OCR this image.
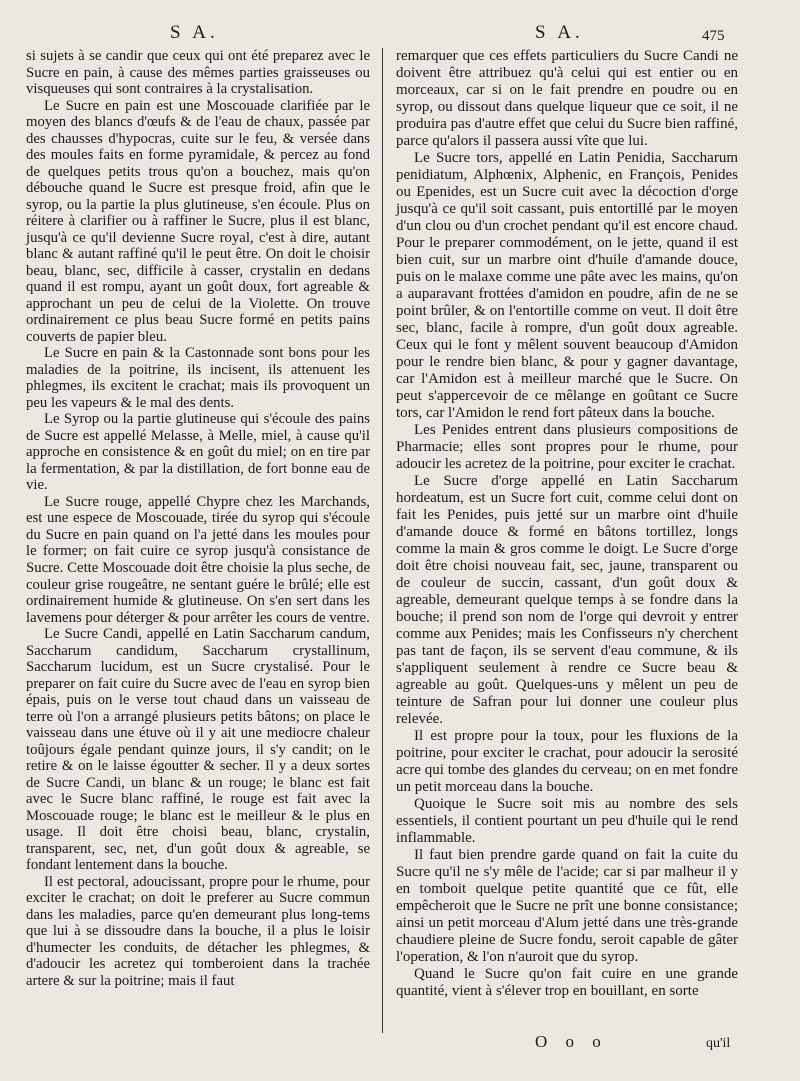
S A.	S A.	475

si sujets à se candir que ceux qui ont été preparez avec le Sucre en pain, à cause des mêmes parties graisseuses ou visqueuses qui sont contraires à la crystalisation.

Le Sucre en pain est une Moscouade clarifiée par le moyen des blancs d'œufs & de l'eau de chaux, passée par des chausses d'hypocras, cuite sur le feu, & versée dans des moules faits en forme pyramidale, & percez au fond de quelques petits trous qu'on a bouchez, mais qu'on débouche quand le Sucre est presque froid, afin que le syrop, ou la partie la plus glutineuse, s'en écoule. Plus on réitere à clarifier ou à raffiner le Sucre, plus il est blanc, jusqu'à ce qu'il devienne Sucre royal, c'est à dire, autant blanc & autant raffiné qu'il le peut être. On doit le choisir beau, blanc, sec, difficile à casser, crystalin en dedans quand il est rompu, ayant un goût doux, fort agreable & approchant un peu de celui de la Violette. On trouve ordinairement ce plus beau Sucre formé en petits pains couverts de papier bleu.

Le Sucre en pain & la Castonnade sont bons pour les maladies de la poitrine, ils incisent, ils attenuent les phlegmes, ils excitent le crachat; mais ils provoquent un peu les vapeurs & le mal des dents.

Le Syrop ou la partie glutineuse qui s'écoule des pains de Sucre est appellé Melasse, à Melle, miel, à cause qu'il approche en consistence & en goût du miel; on en tire par la fermentation, & par la distillation, de fort bonne eau de vie.

Le Sucre rouge, appellé Chypre chez les Marchands, est une espece de Moscouade, tirée du syrop qui s'écoule du Sucre en pain quand on l'a jetté dans les moules pour le former; on fait cuire ce syrop jusqu'à consistance de Sucre. Cette Moscouade doit être choisie la plus seche, de couleur grise rougeâtre, ne sentant guére le brûlé; elle est ordinairement humide & glutineuse. On s'en sert dans les lavemens pour déterger & pour arrêter les cours de ventre.

Le Sucre Candi, appellé en Latin Saccharum candum, Saccharum candidum, Saccharum crystallinum, Saccharum lucidum, est un Sucre crystalisé. Pour le preparer on fait cuire du Sucre avec de l'eau en syrop bien épais, puis on le verse tout chaud dans un vaisseau de terre où l'on a arrangé plusieurs petits bâtons; on place le vaisseau dans une étuve où il y ait une mediocre chaleur toûjours égale pendant quinze jours, il s'y candit; on le retire & on le laisse égoutter & secher. Il y a deux sortes de Sucre Candi, un blanc & un rouge; le blanc est fait avec le Sucre blanc raffiné, le rouge est fait avec la Moscouade rouge; le blanc est le meilleur & le plus en usage. Il doit être choisi beau, blanc, crystalin, transparent, sec, net, d'un goût doux & agreable, se fondant lentement dans la bouche.

Il est pectoral, adoucissant, propre pour le rhume, pour exciter le crachat; on doit le preferer au Sucre commun dans les maladies, parce qu'en demeurant plus long-tems que lui à se dissoudre dans la bouche, il a plus le loisir d'humecter les conduits, de détacher les phlegmes, & d'adoucir les acretez qui tomberoient dans la trachée artere & sur la poitrine; mais il faut

remarquer que ces effets particuliers du Sucre Candi ne doivent être attribuez qu'à celui qui est entier ou en morceaux, car si on le fait prendre en poudre ou en syrop, ou dissout dans quelque liqueur que ce soit, il ne produira pas d'autre effet que celui du Sucre bien raffiné, parce qu'alors il passera aussi vîte que lui.

Le Sucre tors, appellé en Latin Penidia, Saccharum penidiatum, Alphœnix, Alphenic, en François, Penides ou Epenides, est un Sucre cuit avec la décoction d'orge jusqu'à ce qu'il soit cassant, puis entortillé par le moyen d'un clou ou d'un crochet pendant qu'il est encore chaud. Pour le preparer commodément, on le jette, quand il est bien cuit, sur un marbre oint d'huile d'amande douce, puis on le malaxe comme une pâte avec les mains, qu'on a auparavant frottées d'amidon en poudre, afin de ne se point brûler, & on l'entortille comme on veut. Il doit être sec, blanc, facile à rompre, d'un goût doux agreable. Ceux qui le font y mêlent souvent beaucoup d'Amidon pour le rendre bien blanc, & pour y gagner davantage, car l'Amidon est à meilleur marché que le Sucre. On peut s'appercevoir de ce mêlange en goûtant ce Sucre tors, car l'Amidon le rend fort pâteux dans la bouche.

Les Penides entrent dans plusieurs compositions de Pharmacie; elles sont propres pour le rhume, pour adoucir les acretez de la poitrine, pour exciter le crachat.

Le Sucre d'orge appellé en Latin Saccharum hordeatum, est un Sucre fort cuit, comme celui dont on fait les Penides, puis jetté sur un marbre oint d'huile d'amande douce & formé en bâtons tortillez, longs comme la main & gros comme le doigt. Le Sucre d'orge doit être choisi nouveau fait, sec, jaune, transparent ou de couleur de succin, cassant, d'un goût doux & agreable, demeurant quelque temps à se fondre dans la bouche; il prend son nom de l'orge qui devroit y entrer comme aux Penides; mais les Confisseurs n'y cherchent pas tant de façon, ils se servent d'eau commune, & ils s'appliquent seulement à rendre ce Sucre beau & agreable au goût. Quelques-uns y mêlent un peu de teinture de Safran pour lui donner une couleur plus relevée.

Il est propre pour la toux, pour les fluxions de la poitrine, pour exciter le crachat, pour adoucir la serosité acre qui tombe des glandes du cerveau; on en met fondre un petit morceau dans la bouche.

Quoique le Sucre soit mis au nombre des sels essentiels, il contient pourtant un peu d'huile qui le rend inflammable.

Il faut bien prendre garde quand on fait la cuite du Sucre qu'il ne s'y mêle de l'acide; car si par malheur il y en tomboit quelque petite quantité que ce fût, elle empêcheroit que le Sucre ne prît une bonne consistance; ainsi un petit morceau d'Alum jetté dans une très-grande chaudiere pleine de Sucre fondu, seroit capable de gâter l'operation, & l'on n'auroit que du syrop.

Quand le Sucre qu'on fait cuire en une grande quantité, vient à s'élever trop en bouillant, en sorte

O o o	qu'il
